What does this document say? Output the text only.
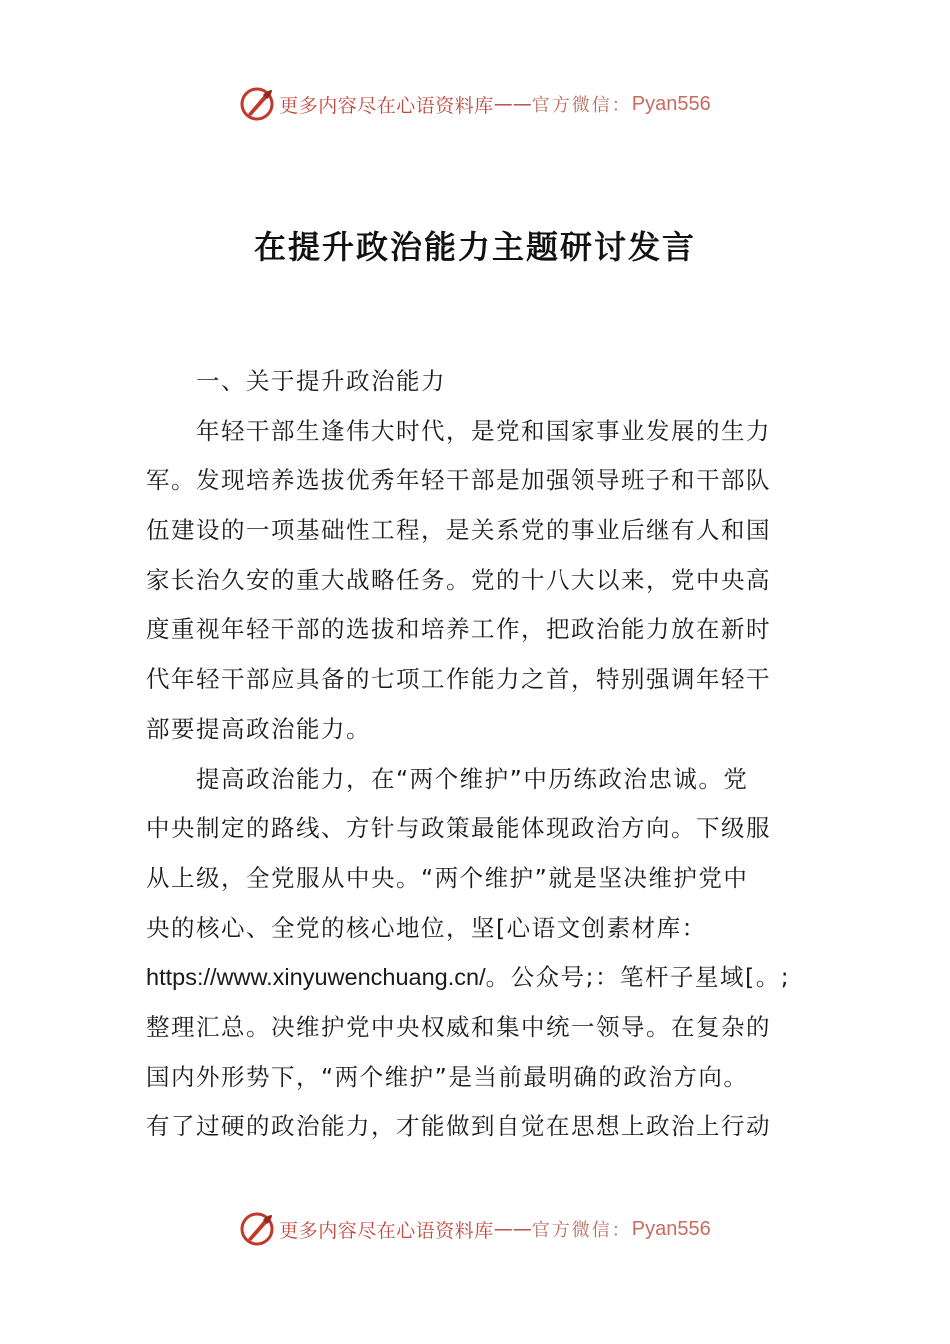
更多内容尽在心语资料库 —— 官方微信： Pyan556
在提升政治能力主题研讨发言
一、关于提升政治能力
年轻干部生逢伟大时代，是党和国家事业发展的生力
军。发现培养选拔优秀年轻干部是加强领导班子和干部队
伍建设的一项基础性工程，是关系党的事业后继有人和国
家长治久安的重大战略任务。党的十八大以来，党中央高
度重视年轻干部的选拔和培养工作，把政治能力放在新时
代年轻干部应具备的七项工作能力之首，特别强调年轻干
部要提高政治能力。
提高政治能力，在“两个维护”中历练政治忠诚。党
中央制定的路线、方针与政策最能体现政治方向。下级服
从上级，全党服从中央。“两个维护”就是坚决维护党中
央的核心、全党的核心地位，坚[心语文创素材库：
https://www.xinyuwenchuang.cn/。公众号;：笔杆子星域[。;
整理汇总。决维护党中央权威和集中统一领导。在复杂的
国内外形势下，“两个维护”是当前最明确的政治方向。
有了过硬的政治能力，才能做到自觉在思想上政治上行动
更多内容尽在心语资料库 —— 官方微信： Pyan556
